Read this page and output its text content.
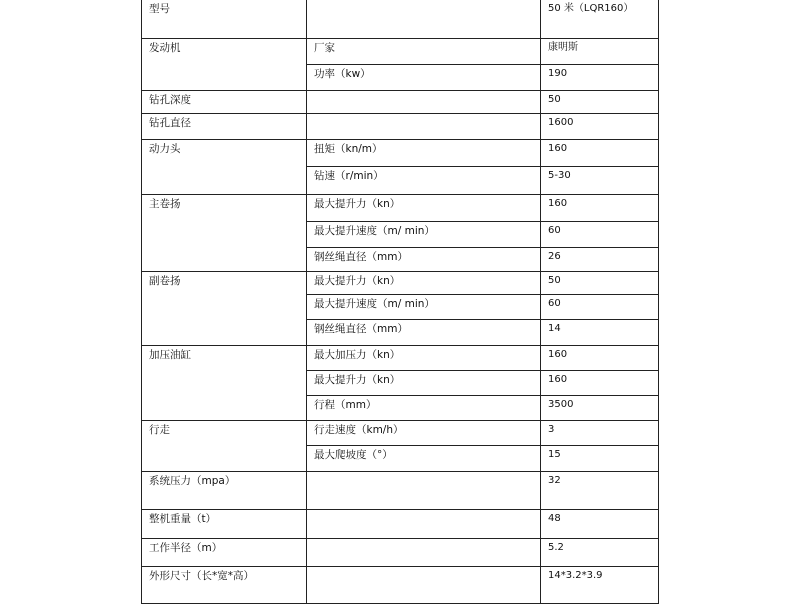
型号		50 米（LQR160）
发动机	厂家	康明斯
	功率（kw）	190
钻孔深度		50
钻孔直径		1600
动力头	扭矩（kn/m）	160
	钻速（r/min）	5-30
主卷扬	最大提升力（kn）	160
	最大提升速度（m/ min）	60
	钢丝绳直径（mm）	26
副卷扬	最大提升力（kn）	50
	最大提升速度（m/ min）	60
	钢丝绳直径（mm）	14
加压油缸	最大加压力（kn）	160
	最大提升力（kn）	160
	行程（mm）	3500
行走	行走速度（km/h）	3
	最大爬坡度（°）	15
系统压力（mpa）		32
整机重量（t）		48
工作半径（m）		5.2
外形尺寸（长*宽*高）		14*3.2*3.9
